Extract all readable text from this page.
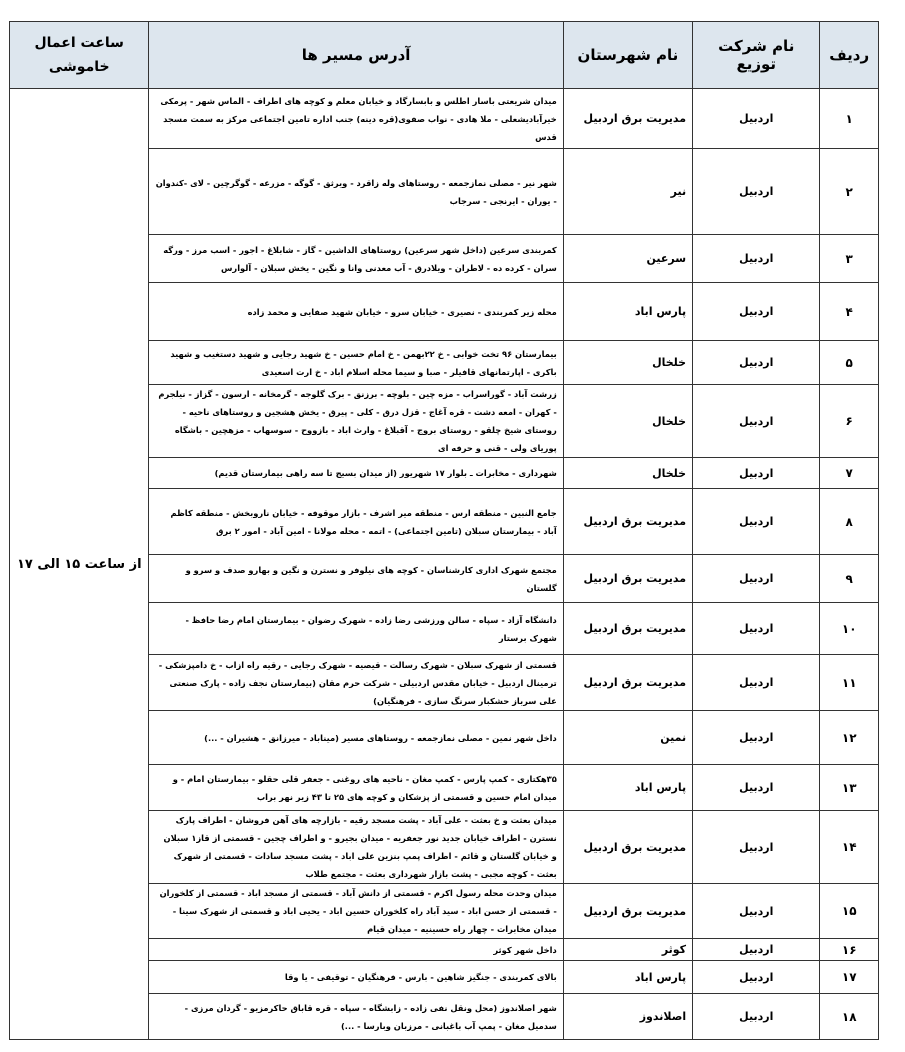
ردیف	نام شرکت توزیع	نام شهرستان	آدرس مسیر ها	ساعت اعمال
خاموشی

۱	اردبیل	مدیریت برق اردبیل	میدان شریعتی باسار اطلس و بابسارگاد و خیابان معلم و کوچه های اطراف - الماس شهر - پرمکی خیرآبادیشعلی - ملا هادی - نواب صفوی(قره دینه) جنب اداره تامین اجتماعی مرکز به سمت مسجد قدس	از ساعت ۱۵ الی ۱۷
۲	اردبیل	نیر	شهر نیر - مصلی نمازجمعه - روستاهای وله زاقرد - ویرثق - گوگه - مزرعه - گوگرچین - لای -کندوان - یوران - ایرنجی - سرجاب	
۳	اردبیل	سرعین	کمربندی سرعین (داخل شهر سرعین) روستاهای الداشین - گاز - شابلاغ - اجور - اسب مرز - ورگه سران - کرده ده - لاطران - ویلادرق - آب معدنی وانا و نگین - یخش سبلان - آلوارس	
۴	اردبیل	پارس اباد	محله زیر کمربندی - نصیری - خیابان سرو - خیابان شهید صفایی و محمد زاده	
۵	اردبیل	خلخال	بیمارستان ۹۶ تخت خوابی - خ ۲۲بهمن - خ امام حسین - خ شهید رجایی و شهید دستغیب و شهید باکری - اپارتمانهای قافیلر - صبا و سیما محله اسلام اباد - خ ارت اسعیدی	
۶	اردبیل	خلخال	زرشت آباد - گوراسراب - مزه چین - بلوچه - برزنق - برک گلوجه - گرمخانه - ارسون - گزاز - نیلجرم - کهران - امعه دشت - قره آغاج - قزل درق - کلی - پیرق - یخش هشجین و روستاهای ناحیه - روستای شیخ چلقو - روستای بروج - آقبلاغ - وارث اباد - بازووح - سوسهاب - مزهچین - باشگاه پوریای ولی - قنی و حرفه ای	
۷	اردبیل	خلخال	شهرداری - مخابرات ـ بلوار ۱۷ شهریور (از میدان بسیج تا سه راهی بیمارستان قدیم)	
۸	اردبیل	مدیریت برق اردبیل	جامع النبین - منطقه ارس - منطقه میر اشرف - بازار موقوفه - خیابان ناروبخش - منطقه کاظم آباد - بیمارستان سبلان (تامین اجتماعی) - اتمه - محله مولانا - امین آباد - امور ۲ برق	
۹	اردبیل	مدیریت برق اردبیل	مجتمع شهرک اداری کارشناسان - کوچه های نیلوفر و نسترن و نگین و بهارو صدف و سرو و گلستان	
۱۰	اردبیل	مدیریت برق اردبیل	دانشگاه آزاد - سپاه - سالن ورزشی رضا زاده - شهرک رضوان - بیمارستان امام رضا حافظ - شهرک برستار	
۱۱	اردبیل	مدیریت برق اردبیل	قسمتی از شهرک سبلان - شهرک رسالت - قیصیه - شهرک رجایی - رقیه راه ازاب - خ دامپزشکی - ترمینال اردبیل - خیابان مقدس اردبیلی - شرکت حرم مقان (بیمارستان نجف زاده - پارک صنعتی علی سرباز حشکبار سرنگ سازی - فرهنگیان)	
۱۲	اردبیل	نمین	داخل شهر نمین - مصلی نمازجمعه - روستاهای مسیر (میناباد - میرزانق - هشیران - ...)	
۱۳	اردبیل	پارس اباد	۳۵هکتاری - کمپ پارس - کمپ مغان - ناحیه های روغنی - جعفر قلی حقلو - بیمارستان امام - و میدان امام حسین و قسمتی از پزشکان و کوچه های ۲۵ تا ۴۳ زیر نهر براب	
۱۴	اردبیل	مدیریت برق اردبیل	میدان بعثت و خ بعثت - علی آباد - پشت مسجد رقیه - بازارچه های آهن فروشان - اطراف پارک نسترن - اطراف خیابان جدید نور جعفریه - میدان بجیرو - و اطراف چجین - قسمتی از قاز۱ سبلان و خیابان گلستان و قائم - اطراف پمپ بنزین علی اباد - پشت مسجد سادات - قسمتی از شهرک بعثت - کوچه مجبی - پشت بازار شهرداری بعثت - مجتمع طلاب	
۱۵	اردبیل	مدیریت برق اردبیل	میدان وحدت محله رسول اکرم - قسمتی از دانش آباد - قسمتی از مسجد اباد - قسمتی از کلخوران - قسمتی از حسن اباد - سید آباد راه کلخوران حسین اباد - یحیی اباد و قسمتی از شهرک سینا - میدان مخابرات - چهار راه حسینیه - میدان قیام	
۱۶	اردبیل	کوثر	داخل شهر کوثر	
۱۷	اردبیل	پارس اباد	بالای کمربندی - جنگیز شاهین - بارس - فرهنگیان - توقیفی - یا وقا	
۱۸	اردبیل	اصلاندوز	شهر اصلاندوز (محل ونقل نفی زاده - زابشگاه - سپاه - قره قاباق حاکرمزیو - گردان مرزی - سدمیل مغان - پمپ آب باغبانی - مرزبان وبارسا - ...)	
